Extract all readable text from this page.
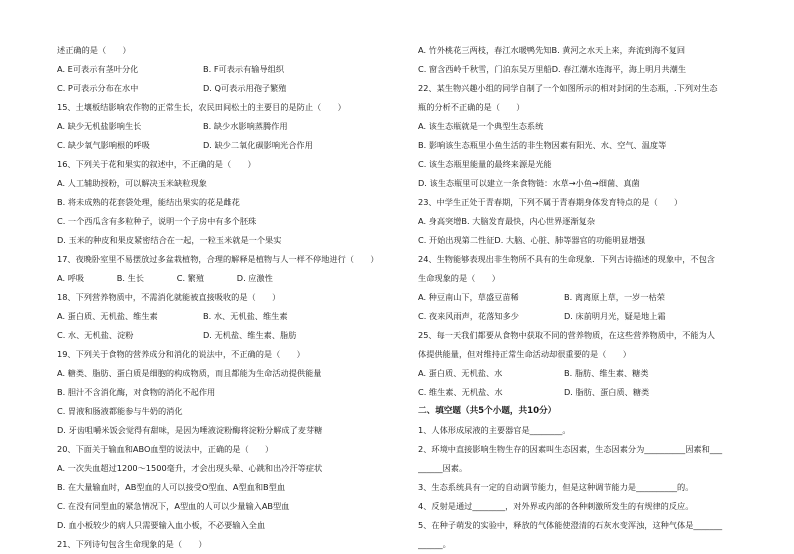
述正确的是（　　）
A. E可表示有茎叶分化	B. F可表示有输导组织
C. P可表示分布在水中	D. Q可表示用孢子繁殖
15、土壤板结影响农作物的正常生长，农民田间松土的主要目的是防止（　　）
A. 缺少无机盐影响生长	B. 缺少水影响蒸腾作用
C. 缺少氧气影响根的呼吸	D. 缺少二氧化碳影响光合作用
16、下列关于花和果实的叙述中，不正确的是（　　）
A. 人工辅助授粉，可以解决玉米缺粒现象
B. 将未成熟的花套袋处理，能结出果实的花是雌花
C. 一个西瓜含有多粒种子，说明一个子房中有多个胚珠
D. 玉米的种皮和果皮紧密结合在一起，一粒玉米就是一个果实
17、夜晚卧室里不易摆放过多盆栽植物，合理的解释是植物与人一样不停地进行（　　）
A. 呼吸　　　　B. 生长　　　　C. 繁殖　　　　D. 应激性
18、下列营养物质中，不需消化就能被直接吸收的是（　　）
A. 蛋白质、无机盐、维生素	B. 水、无机盐、维生素
C. 水、无机盐、淀粉	D. 无机盐、维生素、脂肪
19、下列关于食物的营养成分和消化的说法中，不正确的是（　　）
A. 糖类、脂肪、蛋白质是细胞的构成物质，而且都能为生命活动提供能量
B. 胆汁不含消化酶，对食物的消化不起作用
C. 胃液和肠液都能参与牛奶的消化
D. 牙齿咀嚼米饭会觉得有甜味，是因为唾液淀粉酶将淀粉分解成了麦芽糖
20、下面关于输血和ABO血型的说法中，正确的是（　　）
A. 一次失血超过1200～1500毫升，才会出现头晕、心跳和出冷汗等症状
B. 在大量输血时，AB型血的人可以接受O型血、A型血和B型血
C. 在没有同型血的紧急情况下，A型血的人可以少量输入AB型血
D. 血小板较少的病人只需要输入血小板，不必要输入全血
21、下列诗句包含生命现象的是（　　）
A. 竹外桃花三两枝，春江水暖鸭先知B. 黄河之水天上来，奔流到海不复回
C. 窗含西岭千秋雪，门泊东吴万里船D. 春江潮水连海平，海上明月共潮生
22、某生物兴趣小组的同学自制了一个如图所示的相对封闭的生态瓶，.下列对生态
瓶的分析不正确的是（　　）
A. 该生态瓶就是一个典型生态系统
B. 影响该生态瓶里小鱼生活的非生物因素有阳光、水、空气、温度等
C. 该生态瓶里能量的最终来源是光能
D. 该生态瓶里可以建立一条食物链：水草→小鱼→细菌、真菌
23、中学生正处于青春期，下列不属于青春期身体发育特点的是（　　）
A. 身高突增B. 大脑发育最快，内心世界逐渐复杂
C. 开始出现第二性征D. 大脑、心脏、肺等器官的功能明显增强
24、生物能够表现出非生物所不具有的生命现象．下列古诗描述的现象中，不包含
生命现象的是（　　）
A. 种豆南山下，草盛豆苗稀	B. 离离原上草，一岁一枯荣
C. 夜来风雨声，花落知多少	D. 床前明月光，疑是地上霜
25、每一天我们都要从食物中获取不同的营养物质，在这些营养物质中，不能为人
体提供能量，但对维持正常生命活动却很重要的是（　　）
A. 蛋白质、无机盐、水	B. 脂肪、维生素、糖类
C. 维生素、无机盐、水	D. 脂肪、蛋白质、糖类
二、填空题（共5个小题，共10分）
1、人体形成尿液的主要器官是________。
2、环境中直接影响生物生存的因素叫生态因素，生态因素分为__________因素和___
______因素。
3、生态系统具有一定的自动调节能力，但是这种调节能力是__________的。
4、反射是通过________，对外界或内部的各种刺激所发生的有规律的反应。
5、在种子萌发的实验中，释放的气体能使澄清的石灰水变浑浊，这种气体是_______
______。
